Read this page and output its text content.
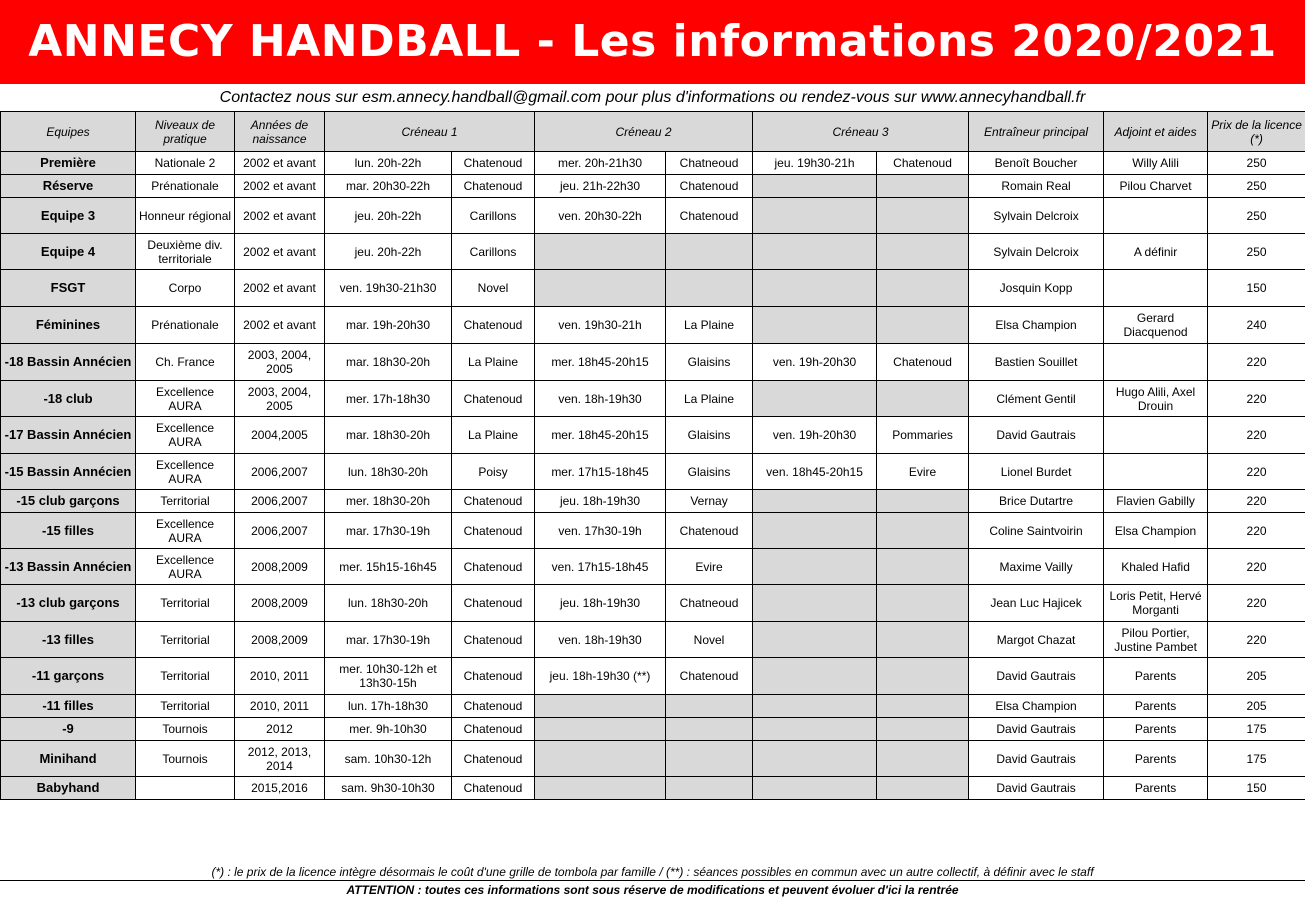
ANNECY HANDBALL - Les informations 2020/2021
Contactez nous sur esm.annecy.handball@gmail.com pour plus d'informations ou rendez-vous sur www.annecyhandball.fr
Equipes	Niveaux de pratique	Années de naissance	Créneau 1		Créneau 2		Créneau 3		Entraîneur principal	Adjoint et aides	Prix de la licence (*)
Première	Nationale 2	2002 et avant	lun. 20h-22h	Chatenoud	mer. 20h-21h30	Chatneoud	jeu. 19h30-21h	Chatenoud	Benoît Boucher	Willy Alili	250
Réserve	Prénationale	2002 et avant	mar. 20h30-22h	Chatenoud	jeu. 21h-22h30	Chatenoud			Romain Real	Pilou Charvet	250
Equipe 3	Honneur régional	2002 et avant	jeu. 20h-22h	Carillons	ven. 20h30-22h	Chatenoud			Sylvain Delcroix		250
Equipe 4	Deuxième div. territoriale	2002 et avant	jeu. 20h-22h	Carillons					Sylvain Delcroix	A définir	250
FSGT	Corpo	2002 et avant	ven. 19h30-21h30	Novel					Josquin Kopp		150
Féminines	Prénationale	2002 et avant	mar. 19h-20h30	Chatenoud	ven. 19h30-21h	La Plaine			Elsa Champion	Gerard Diacquenod	240
-18 Bassin Annécien	Ch. France	2003, 2004, 2005	mar. 18h30-20h	La Plaine	mer. 18h45-20h15	Glaisins	ven. 19h-20h30	Chatenoud	Bastien Souillet		220
-18 club	Excellence AURA	2003, 2004, 2005	mer. 17h-18h30	Chatenoud	ven. 18h-19h30	La Plaine			Clément Gentil	Hugo Alili, Axel Drouin	220
-17 Bassin Annécien	Excellence AURA	2004,2005	mar. 18h30-20h	La Plaine	mer. 18h45-20h15	Glaisins	ven. 19h-20h30	Pommaries	David Gautrais		220
-15 Bassin Annécien	Excellence AURA	2006,2007	lun. 18h30-20h	Poisy	mer. 17h15-18h45	Glaisins	ven. 18h45-20h15	Evire	Lionel Burdet		220
-15 club garçons	Territorial	2006,2007	mer. 18h30-20h	Chatenoud	jeu. 18h-19h30	Vernay			Brice Dutartre	Flavien Gabilly	220
-15 filles	Excellence AURA	2006,2007	mar. 17h30-19h	Chatenoud	ven. 17h30-19h	Chatenoud			Coline Saintvoirin	Elsa Champion	220
-13 Bassin Annécien	Excellence AURA	2008,2009	mer. 15h15-16h45	Chatenoud	ven. 17h15-18h45	Evire			Maxime Vailly	Khaled Hafid	220
-13 club garçons	Territorial	2008,2009	lun. 18h30-20h	Chatenoud	jeu. 18h-19h30	Chatneoud			Jean Luc Hajicek	Loris Petit, Hervé Morganti	220
-13 filles	Territorial	2008,2009	mar. 17h30-19h	Chatenoud	ven. 18h-19h30	Novel			Margot Chazat	Pilou Portier, Justine Pambet	220
-11 garçons	Territorial	2010, 2011	mer. 10h30-12h et 13h30-15h	Chatenoud	jeu. 18h-19h30 (**)	Chatenoud			David Gautrais	Parents	205
-11 filles	Territorial	2010, 2011	lun. 17h-18h30	Chatenoud					Elsa Champion	Parents	205
-9	Tournois	2012	mer. 9h-10h30	Chatenoud					David Gautrais	Parents	175
Minihand	Tournois	2012, 2013, 2014	sam. 10h30-12h	Chatenoud					David Gautrais	Parents	175
Babyhand		2015,2016	sam. 9h30-10h30	Chatenoud					David Gautrais	Parents	150
(*) : le prix de la licence intègre désormais le coût d'une grille de tombola par famille / (**) : séances possibles en commun avec un autre collectif, à définir avec le staff
ATTENTION : toutes ces informations sont sous réserve de modifications et peuvent évoluer d'ici la rentrée
